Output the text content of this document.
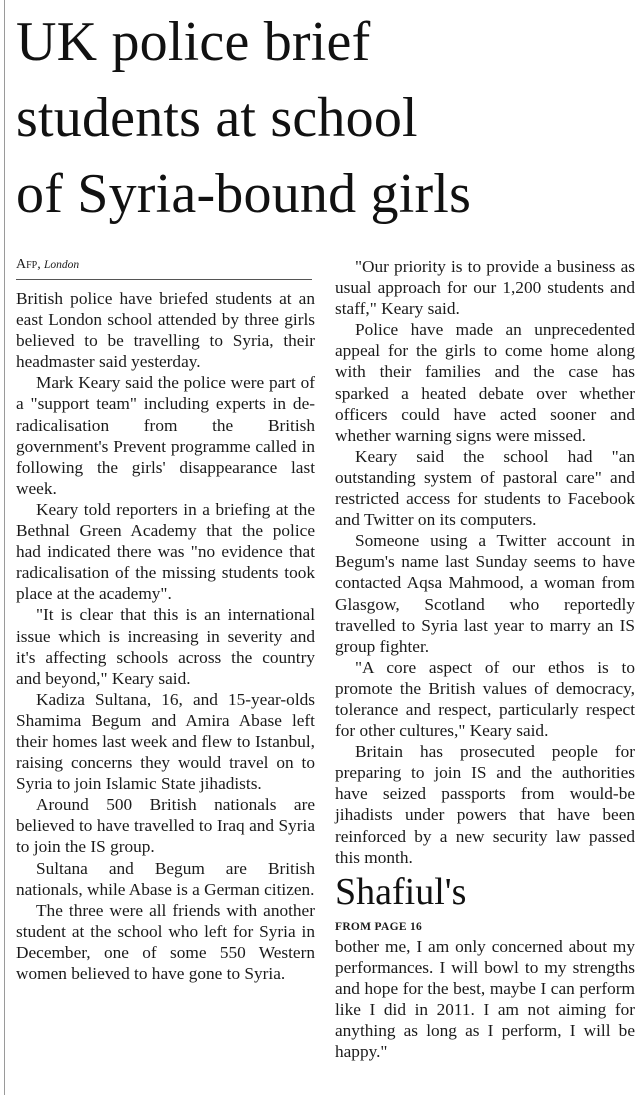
UK police brief
students at school
of Syria-bound girls
Afp, London

British police have briefed students at an east London school attended by three girls believed to be travelling to Syria, their headmaster said yesterday.

Mark Keary said the police were part of a "support team" including experts in de-radicalisation from the British government's Prevent programme called in following the girls' disappearance last week.

Keary told reporters in a briefing at the Bethnal Green Academy that the police had indicated there was "no evidence that radicalisation of the missing students took place at the academy".

"It is clear that this is an international issue which is increasing in severity and it's affecting schools across the country and beyond," Keary said.

Kadiza Sultana, 16, and 15-year-olds Shamima Begum and Amira Abase left their homes last week and flew to Istanbul, raising concerns they would travel on to Syria to join Islamic State jihadists.

Around 500 British nationals are believed to have travelled to Iraq and Syria to join the IS group.

Sultana and Begum are British nationals, while Abase is a German citizen.

The three were all friends with another student at the school who left for Syria in December, one of some 550 Western women believed to have gone to Syria.

"Our priority is to provide a business as usual approach for our 1,200 students and staff," Keary said.

Police have made an unprecedented appeal for the girls to come home along with their families and the case has sparked a heated debate over whether officers could have acted sooner and whether warning signs were missed.

Keary said the school had "an outstanding system of pastoral care" and restricted access for students to Facebook and Twitter on its computers.

Someone using a Twitter account in Begum's name last Sunday seems to have contacted Aqsa Mahmood, a woman from Glasgow, Scotland who reportedly travelled to Syria last year to marry an IS group fighter.

"A core aspect of our ethos is to promote the British values of democracy, tolerance and respect, particularly respect for other cultures," Keary said.

Britain has prosecuted people for preparing to join IS and the authorities have seized passports from would-be jihadists under powers that have been reinforced by a new security law passed this month.

Shafiul's
FROM PAGE 16

bother me, I am only concerned about my performances. I will bowl to my strengths and hope for the best, maybe I can perform like I did in 2011. I am not aiming for anything as long as I perform, I will be happy."
